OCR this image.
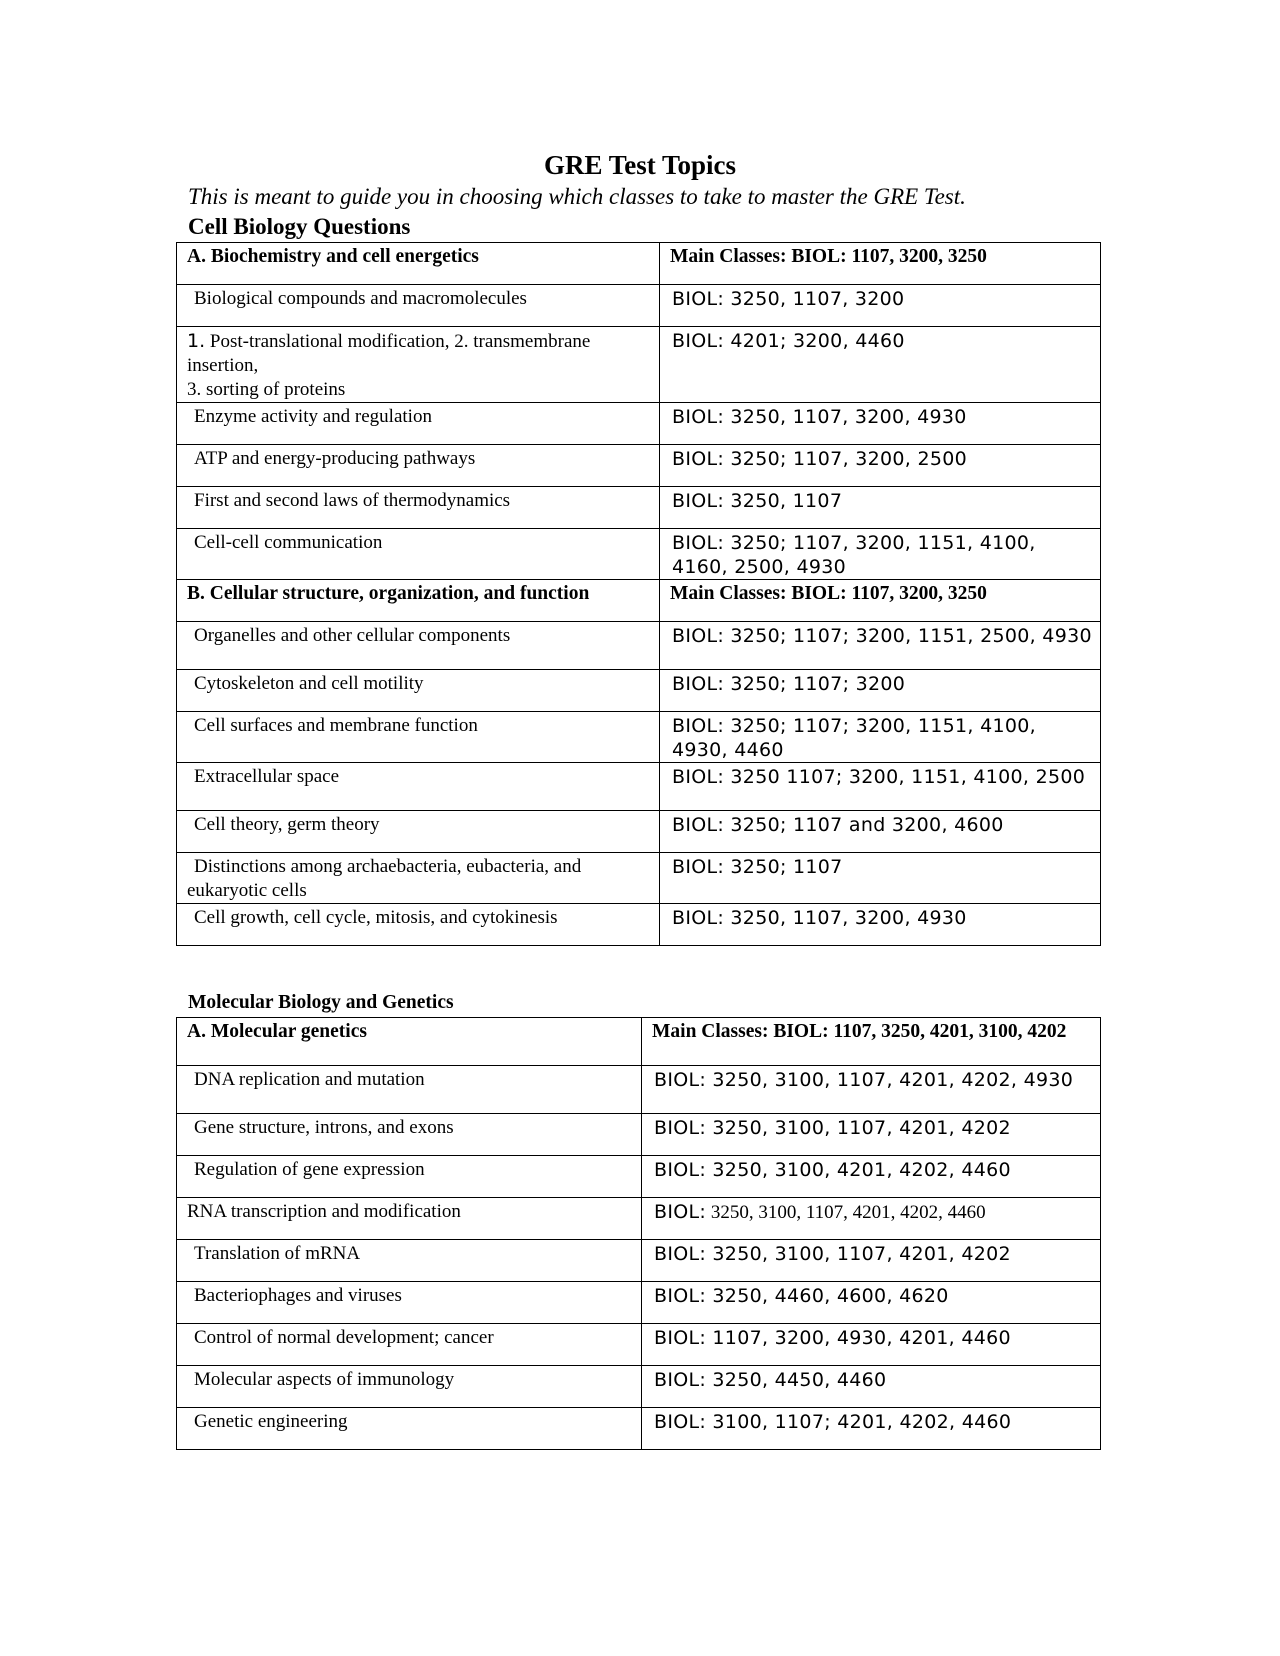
GRE Test Topics
This is meant to guide you in choosing which classes to take to master the GRE Test.
Cell Biology Questions
A. Biochemistry and cell energetics	Main Classes: BIOL: 1107, 3200, 3250
Biological compounds and macromolecules	BIOL: 3250, 1107, 3200
1. Post-translational modification, 2. transmembrane
insertion,
3. sorting of proteins	BIOL: 4201; 3200, 4460
Enzyme activity and regulation	BIOL: 3250, 1107, 3200, 4930
ATP and energy-producing pathways	BIOL: 3250; 1107, 3200, 2500
First and second laws of thermodynamics	BIOL: 3250, 1107
Cell-cell communication	BIOL: 3250; 1107, 3200, 1151, 4100, 4160, 2500, 4930
B. Cellular structure, organization, and function	Main Classes: BIOL: 1107, 3200, 3250
Organelles and other cellular components	BIOL: 3250; 1107; 3200, 1151, 2500, 4930
Cytoskeleton and cell motility	BIOL: 3250; 1107; 3200
Cell surfaces and membrane function	BIOL: 3250; 1107; 3200, 1151, 4100, 4930, 4460
Extracellular space	BIOL: 3250 1107; 3200, 1151, 4100, 2500
Cell theory, germ theory	BIOL: 3250; 1107 and 3200, 4600
Distinctions among archaebacteria, eubacteria, and eukaryotic cells	BIOL: 3250; 1107
Cell growth, cell cycle, mitosis, and cytokinesis	BIOL: 3250, 1107, 3200, 4930
Molecular Biology and Genetics
A. Molecular genetics	Main Classes: BIOL: 1107, 3250, 4201, 3100, 4202
DNA replication and mutation	BIOL: 3250, 3100, 1107, 4201, 4202, 4930
Gene structure, introns, and exons	BIOL: 3250, 3100, 1107, 4201, 4202
Regulation of gene expression	BIOL: 3250, 3100, 4201, 4202, 4460
RNA transcription and modification	BIOL: 3250, 3100, 1107, 4201, 4202, 4460
Translation of mRNA	BIOL: 3250, 3100, 1107, 4201, 4202
Bacteriophages and viruses	BIOL: 3250, 4460, 4600, 4620
Control of normal development; cancer	BIOL: 1107, 3200, 4930, 4201, 4460
Molecular aspects of immunology	BIOL: 3250, 4450, 4460
Genetic engineering	BIOL: 3100, 1107; 4201, 4202, 4460
